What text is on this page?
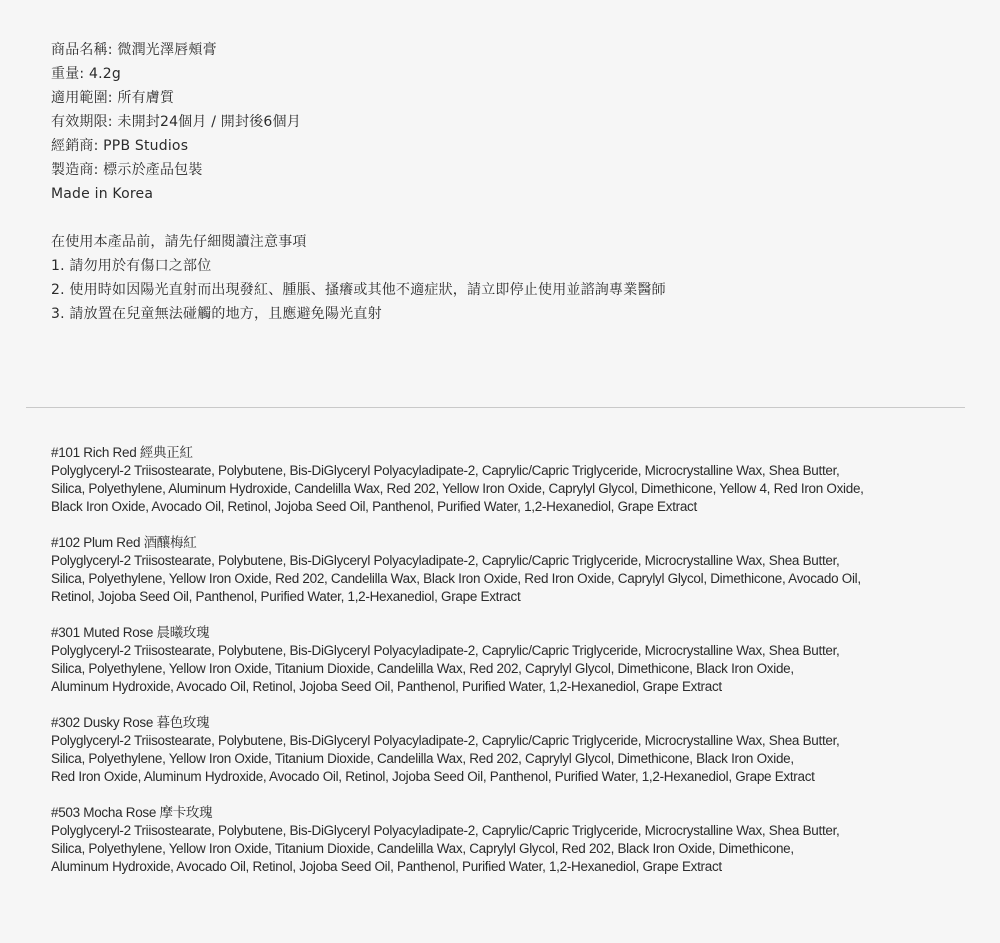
商品名稱: 微潤光澤唇頰膏
重量: 4.2g
適用範圍: 所有膚質
有效期限: 未開封24個月 / 開封後6個月
經銷商: PPB Studios
製造商: 標示於產品包裝
Made in Korea
在使用本產品前，請先仔細閱讀注意事項
1. 請勿用於有傷口之部位
2. 使用時如因陽光直射而出現發紅、腫脹、搔癢或其他不適症狀，請立即停止使用並諮詢專業醫師
3. 請放置在兒童無法碰觸的地方，且應避免陽光直射
#101 Rich Red 經典正紅
Polyglyceryl-2 Triisostearate, Polybutene, Bis-DiGlyceryl Polyacyladipate-2, Caprylic/Capric Triglyceride, Microcrystalline Wax, Shea Butter,
Silica, Polyethylene, Aluminum Hydroxide, Candelilla Wax, Red 202, Yellow Iron Oxide, Caprylyl Glycol, Dimethicone, Yellow 4, Red Iron Oxide,
Black Iron Oxide, Avocado Oil, Retinol, Jojoba Seed Oil, Panthenol, Purified Water, 1,2-Hexanediol, Grape Extract
#102 Plum Red 酒釀梅紅
Polyglyceryl-2 Triisostearate, Polybutene, Bis-DiGlyceryl Polyacyladipate-2, Caprylic/Capric Triglyceride, Microcrystalline Wax, Shea Butter,
Silica, Polyethylene, Yellow Iron Oxide, Red 202, Candelilla Wax, Black Iron Oxide, Red Iron Oxide, Caprylyl Glycol, Dimethicone, Avocado Oil,
Retinol, Jojoba Seed Oil, Panthenol, Purified Water, 1,2-Hexanediol, Grape Extract
#301 Muted Rose 晨曦玫瑰
Polyglyceryl-2 Triisostearate, Polybutene, Bis-DiGlyceryl Polyacyladipate-2, Caprylic/Capric Triglyceride, Microcrystalline Wax, Shea Butter,
Silica, Polyethylene, Yellow Iron Oxide, Titanium Dioxide, Candelilla Wax, Red 202, Caprylyl Glycol, Dimethicone, Black Iron Oxide,
Aluminum Hydroxide, Avocado Oil, Retinol, Jojoba Seed Oil, Panthenol, Purified Water, 1,2-Hexanediol, Grape Extract
#302 Dusky Rose 暮色玫瑰
Polyglyceryl-2 Triisostearate, Polybutene, Bis-DiGlyceryl Polyacyladipate-2, Caprylic/Capric Triglyceride, Microcrystalline Wax, Shea Butter,
Silica, Polyethylene, Yellow Iron Oxide, Titanium Dioxide, Candelilla Wax, Red 202, Caprylyl Glycol, Dimethicone, Black Iron Oxide,
Red Iron Oxide, Aluminum Hydroxide, Avocado Oil, Retinol, Jojoba Seed Oil, Panthenol, Purified Water, 1,2-Hexanediol, Grape Extract
#503 Mocha Rose 摩卡玫瑰
Polyglyceryl-2 Triisostearate, Polybutene, Bis-DiGlyceryl Polyacyladipate-2, Caprylic/Capric Triglyceride, Microcrystalline Wax, Shea Butter,
Silica, Polyethylene, Yellow Iron Oxide, Titanium Dioxide, Candelilla Wax, Caprylyl Glycol, Red 202, Black Iron Oxide, Dimethicone,
Aluminum Hydroxide, Avocado Oil, Retinol, Jojoba Seed Oil, Panthenol, Purified Water, 1,2-Hexanediol, Grape Extract
